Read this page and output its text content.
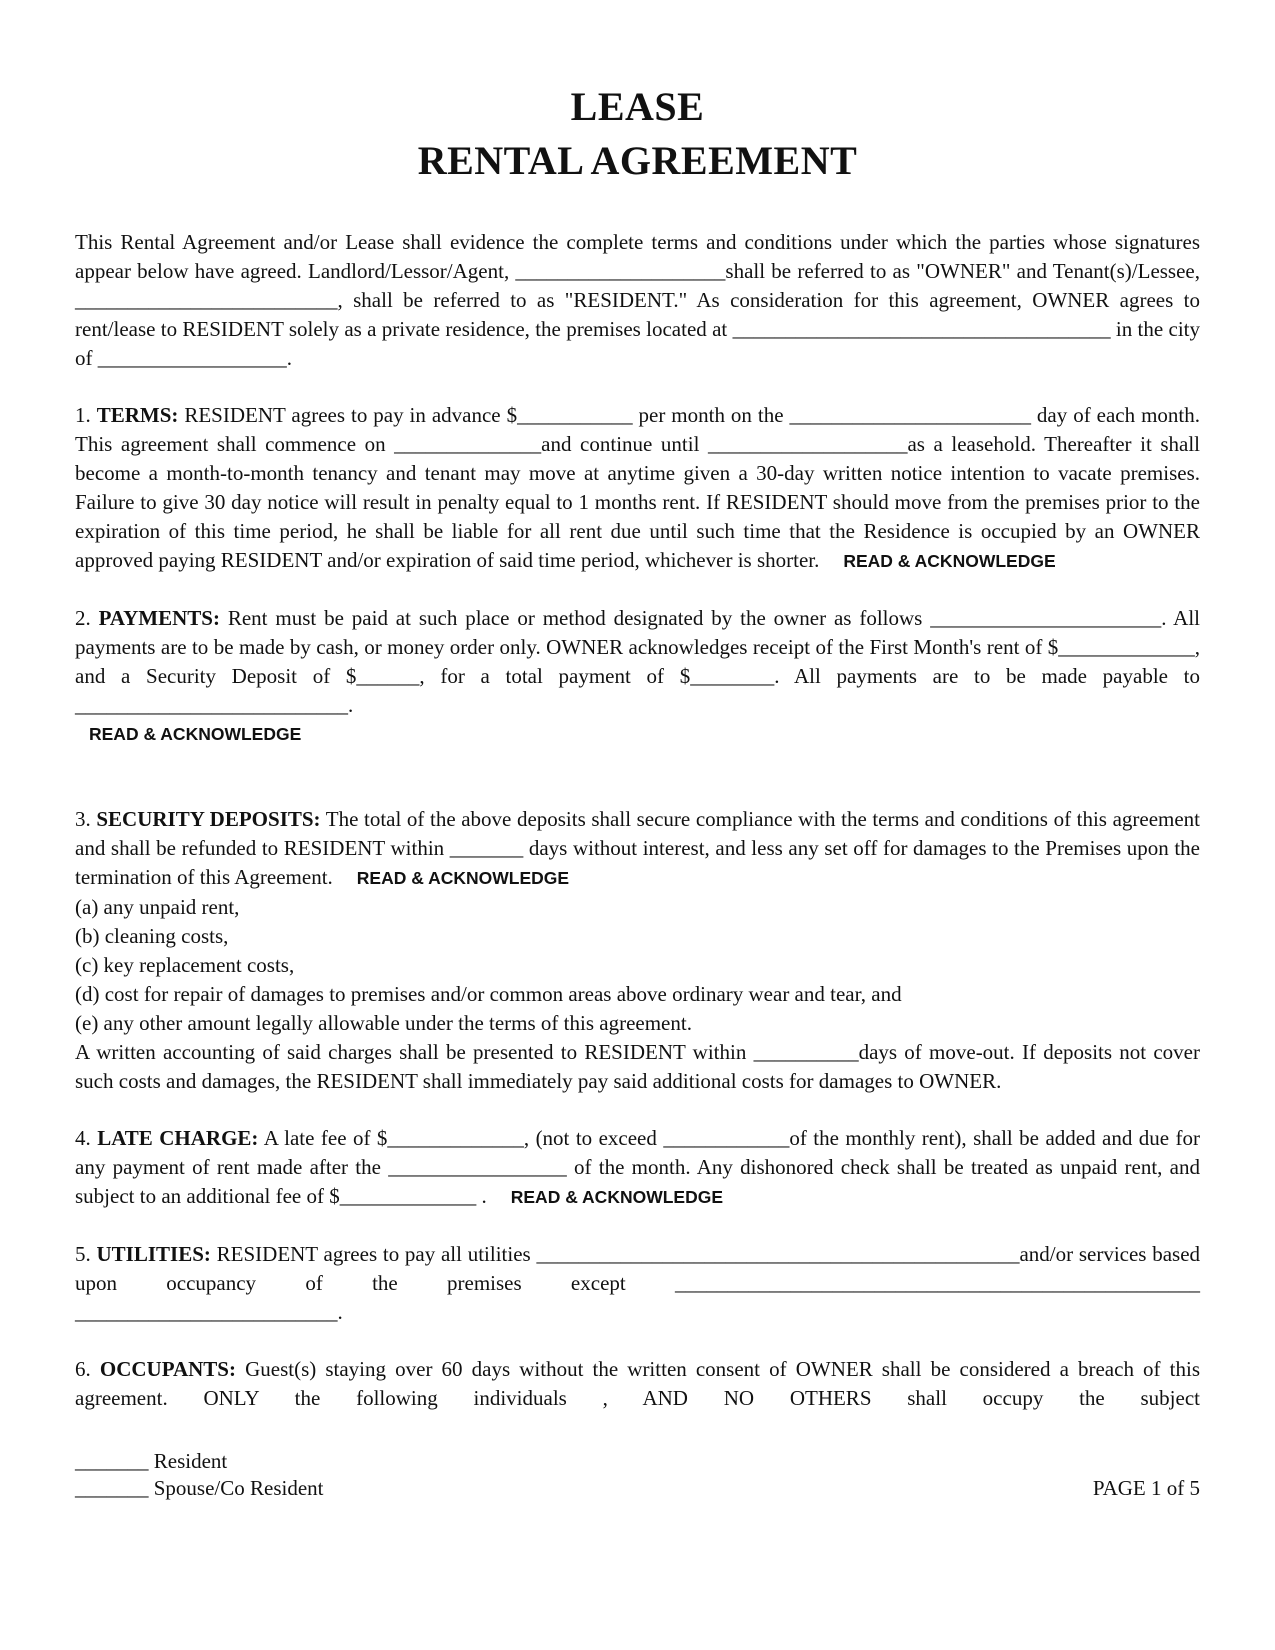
LEASE
RENTAL AGREEMENT

This Rental Agreement and/or Lease shall evidence the complete terms and conditions under which the parties whose signatures appear below have agreed. Landlord/Lessor/Agent, ____________________shall be referred to as "OWNER" and Tenant(s)/Lessee, _________________________, shall be referred to as "RESIDENT." As consideration for this agreement, OWNER agrees to rent/lease to RESIDENT solely as a private residence, the premises located at ____________________________________ in the city of __________________.

1. TERMS: RESIDENT agrees to pay in advance $___________ per month on the _______________________ day of each month. This agreement shall commence on ______________and continue until ___________________as a leasehold. Thereafter it shall become a month-to-month tenancy and tenant may move at anytime given a 30-day written notice intention to vacate premises. Failure to give 30 day notice will result in penalty equal to 1 months rent. If RESIDENT should move from the premises prior to the expiration of this time period, he shall be liable for all rent due until such time that the Residence is occupied by an OWNER approved paying RESIDENT and/or expiration of said time period, whichever is shorter. READ & ACKNOWLEDGE

2. PAYMENTS: Rent must be paid at such place or method designated by the owner as follows ______________________. All payments are to be made by cash, or money order only. OWNER acknowledges receipt of the First Month's rent of $_____________, and a Security Deposit of $______, for a total payment of $________. All payments are to be made payable to __________________________.

READ & ACKNOWLEDGE

3. SECURITY DEPOSITS: The total of the above deposits shall secure compliance with the terms and conditions of this agreement and shall be refunded to RESIDENT within _______ days without interest, and less any set off for damages to the Premises upon the termination of this Agreement. READ & ACKNOWLEDGE

(a) any unpaid rent,
(b) cleaning costs,
(c) key replacement costs,
(d) cost for repair of damages to premises and/or common areas above ordinary wear and tear, and
(e) any other amount legally allowable under the terms of this agreement.

A written accounting of said charges shall be presented to RESIDENT within __________days of move-out. If deposits not cover such costs and damages, the RESIDENT shall immediately pay said additional costs for damages to OWNER.

4. LATE CHARGE: A late fee of $_____________, (not to exceed ____________of the monthly rent), shall be added and due for any payment of rent made after the _________________ of the month. Any dishonored check shall be treated as unpaid rent, and subject to an additional fee of $_____________ . READ & ACKNOWLEDGE

5. UTILITIES: RESIDENT agrees to pay all utilities ______________________________________________and/or services based upon occupancy of the premises except __________________________________________________ _________________________.

6. OCCUPANTS: Guest(s) staying over 60 days without the written consent of OWNER shall be considered a breach of this agreement. ONLY the following individuals , AND NO OTHERS shall occupy the subject

_______ Resident
_______ Spouse/Co Resident	PAGE 1 of 5
